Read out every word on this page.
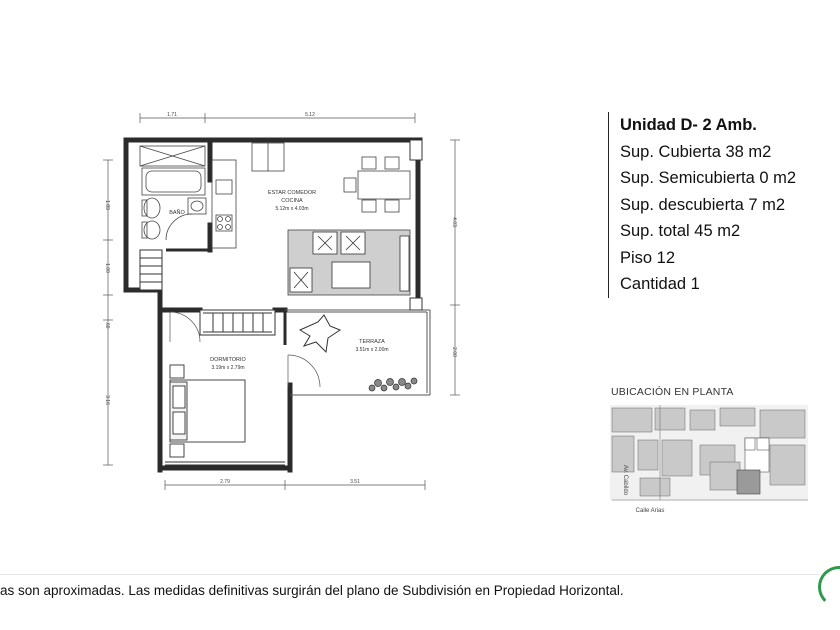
1.71	5.12
2.79	3.51
4.03
2.00
1.89
1.00
.60
3.16
BAÑO
ESTAR COMEDOR
COCINA
5.12m x 4.03m
DORMITORIO
3.19m x 2.79m
TERRAZA
3.51m x 2.00m
Calle Arias
Av. Cabildo
Unidad D- 2 Amb.
Sup. Cubierta 38 m2
Sup. Semicubierta 0 m2
Sup. descubierta 7 m2
Sup. total 45 m2
Piso 12
Cantidad 1
UBICACIÓN EN PLANTA
as son aproximadas. Las medidas definitivas surgirán del plano de Subdivisión en Propiedad Horizontal.
